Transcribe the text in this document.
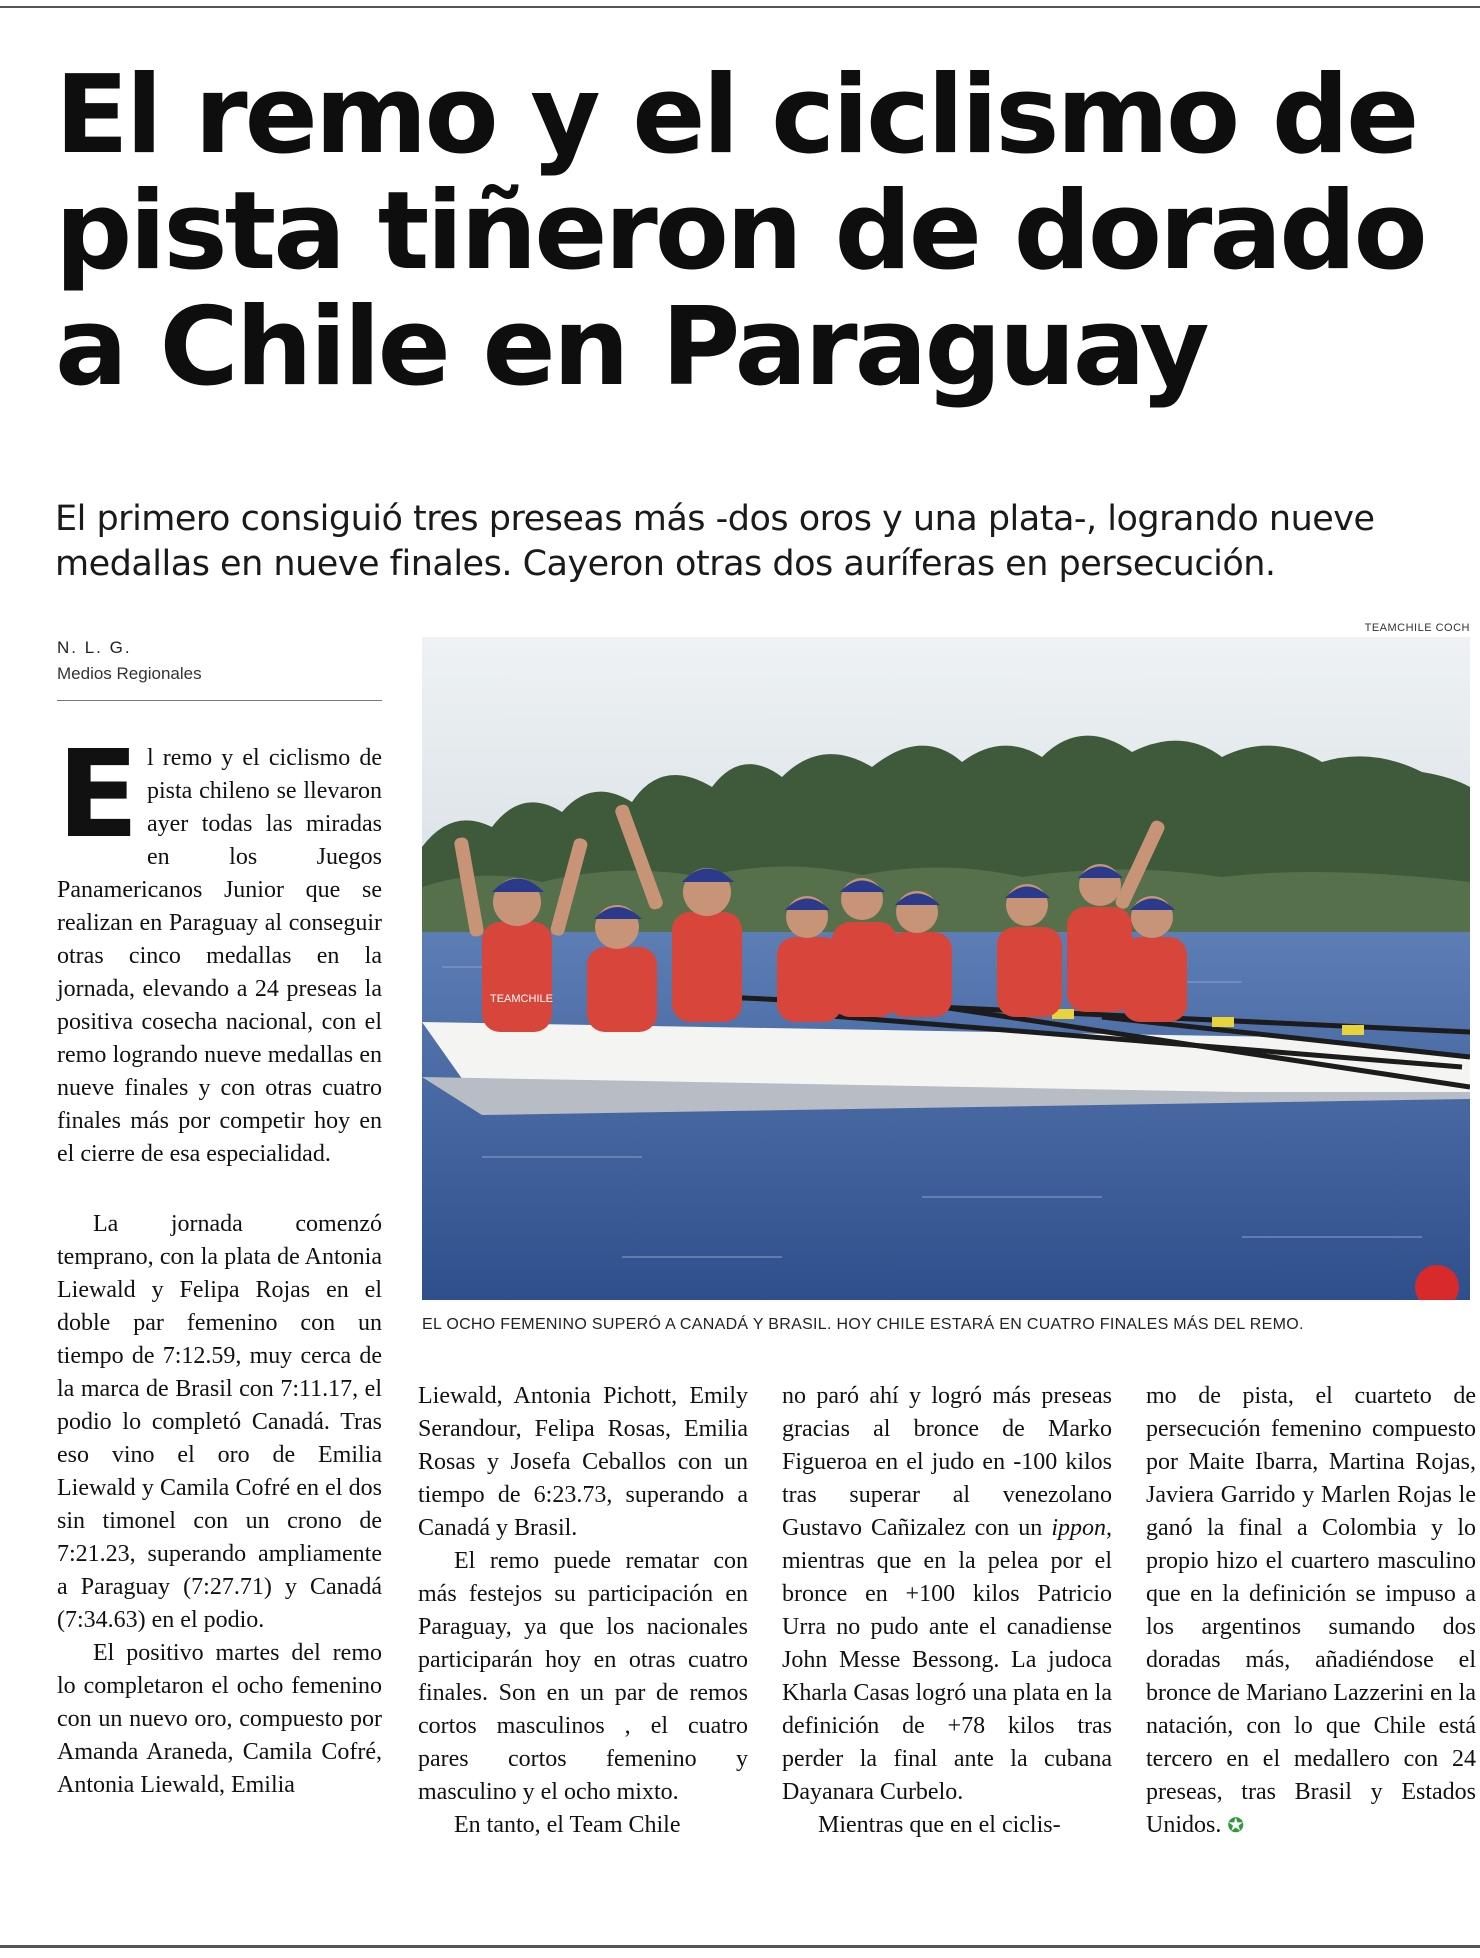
El remo y el ciclismo de
pista tiñeron de dorado
a Chile en Paraguay

El primero consiguió tres preseas más -dos oros y una plata-, logrando nueve
medallas en nueve finales. Cayeron otras dos auríferas en persecución.

TEAMCHILE COCH
N. L. G.
Medios Regionales
TEAMCHILE
EL OCHO FEMENINO SUPERÓ A CANADÁ Y BRASIL. HOY CHILE ESTARÁ EN CUATRO FINALES MÁS DEL REMO.

El remo y el ciclismo de pista chileno se llevaron ayer todas las miradas en los Juegos Panamericanos Junior que se realizan en Paraguay al conseguir otras cinco medallas en la jornada, elevando a 24 preseas la positiva cosecha nacional, con el remo logrando nueve medallas en nueve finales y con otras cuatro finales más por competir hoy en el cierre de esa especialidad.

La jornada comenzó temprano, con la plata de Antonia Liewald y Felipa Rojas en el doble par femenino con un tiempo de 7:12.59, muy cerca de la marca de Brasil con 7:11.17, el podio lo completó Canadá. Tras eso vino el oro de Emilia Liewald y Camila Cofré en el dos sin timonel con un crono de 7:21.23, superando ampliamente a Paraguay (7:27.71) y Canadá (7:34.63) en el podio.

El positivo martes del remo lo completaron el ocho femenino con un nuevo oro, compuesto por Amanda Araneda, Camila Cofré, Antonia Liewald, Emilia

Liewald, Antonia Pichott, Emily Serandour, Felipa Rosas, Emilia Rosas y Josefa Ceballos con un tiempo de 6:23.73, superando a Canadá y Brasil.

El remo puede rematar con más festejos su participación en Paraguay, ya que los nacionales participarán hoy en otras cuatro finales. Son en un par de remos cortos masculinos , el cuatro pares cortos femenino y masculino y el ocho mixto.

En tanto, el Team Chile

no paró ahí y logró más preseas gracias al bronce de Marko Figueroa en el judo en -100 kilos tras superar al venezolano Gustavo Cañizalez con un ippon, mientras que en la pelea por el bronce en +100 kilos Patricio Urra no pudo ante el canadiense John Messe Bessong. La judoca Kharla Casas logró una plata en la definición de +78 kilos tras perder la final ante la cubana Dayanara Curbelo.

Mientras que en el ciclis-

mo de pista, el cuarteto de persecución femenino compuesto por Maite Ibarra, Martina Rojas, Javiera Garrido y Marlen Rojas le ganó la final a Colombia y lo propio hizo el cuartero masculino que en la definición se impuso a los argentinos sumando dos doradas más, añadiéndose el bronce de Mariano Lazzerini en la natación, con lo que Chile está tercero en el medallero con 24 preseas, tras Brasil y Estados Unidos. ✪
